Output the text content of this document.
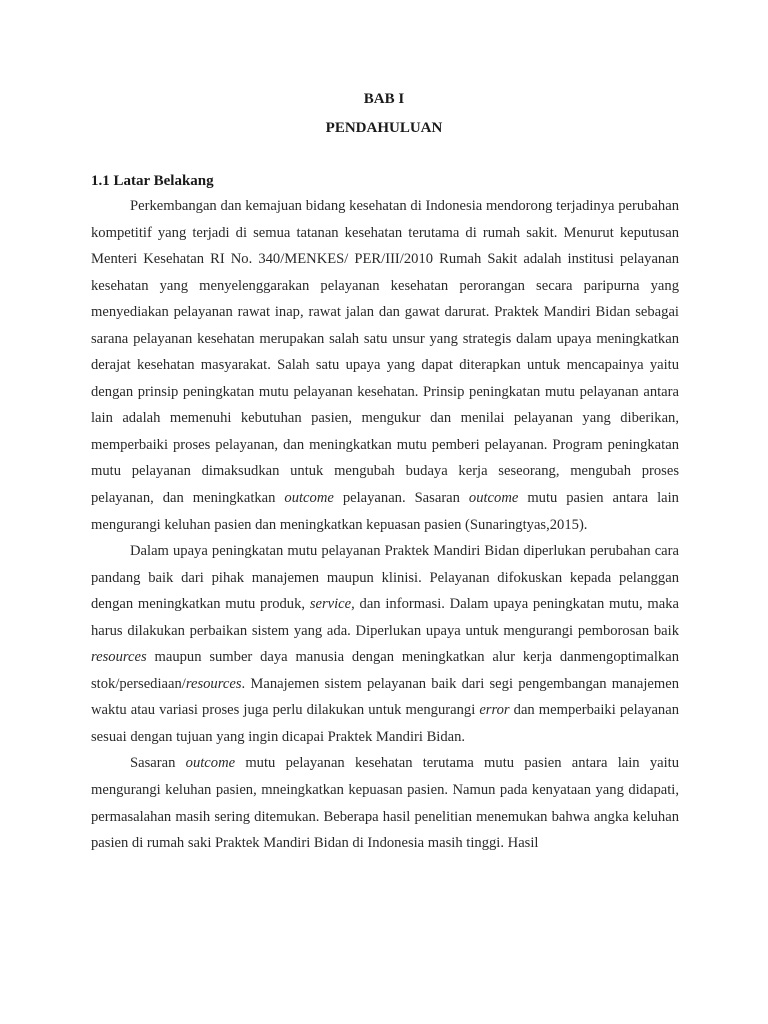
BAB I
PENDAHULUAN
1.1 Latar Belakang

Perkembangan dan kemajuan bidang kesehatan di Indonesia mendorong terjadinya perubahan kompetitif yang terjadi di semua tatanan kesehatan terutama di rumah sakit. Menurut keputusan Menteri Kesehatan RI No. 340/MENKES/ PER/III/2010 Rumah Sakit adalah institusi pelayanan kesehatan yang menyelenggarakan pelayanan kesehatan perorangan secara paripurna yang menyediakan pelayanan rawat inap, rawat jalan dan gawat darurat. Praktek Mandiri Bidan sebagai sarana pelayanan kesehatan merupakan salah satu unsur yang strategis dalam upaya meningkatkan derajat kesehatan masyarakat. Salah satu upaya yang dapat diterapkan untuk mencapainya yaitu dengan prinsip peningkatan mutu pelayanan kesehatan. Prinsip peningkatan mutu pelayanan antara lain adalah memenuhi kebutuhan pasien, mengukur dan menilai pelayanan yang diberikan, memperbaiki proses pelayanan, dan meningkatkan mutu pemberi pelayanan. Program peningkatan mutu pelayanan dimaksudkan untuk mengubah budaya kerja seseorang, mengubah proses pelayanan, dan meningkatkan outcome pelayanan. Sasaran outcome mutu pasien antara lain mengurangi keluhan pasien dan meningkatkan kepuasan pasien (Sunaringtyas,2015).

Dalam upaya peningkatan mutu pelayanan Praktek Mandiri Bidan diperlukan perubahan cara pandang baik dari pihak manajemen maupun klinisi. Pelayanan difokuskan kepada pelanggan dengan meningkatkan mutu produk, service, dan informasi. Dalam upaya peningkatan mutu, maka harus dilakukan perbaikan sistem yang ada. Diperlukan upaya untuk mengurangi pemborosan baik resources maupun sumber daya manusia dengan meningkatkan alur kerja danmengoptimalkan stok/persediaan/resources. Manajemen sistem pelayanan baik dari segi pengembangan manajemen waktu atau variasi proses juga perlu dilakukan untuk mengurangi error dan memperbaiki pelayanan sesuai dengan tujuan yang ingin dicapai Praktek Mandiri Bidan.

Sasaran outcome mutu pelayanan kesehatan terutama mutu pasien antara lain yaitu mengurangi keluhan pasien, mneingkatkan kepuasan pasien. Namun pada kenyataan yang didapati, permasalahan masih sering ditemukan. Beberapa hasil penelitian menemukan bahwa angka keluhan pasien di rumah saki Praktek Mandiri Bidan di Indonesia masih tinggi. Hasil
